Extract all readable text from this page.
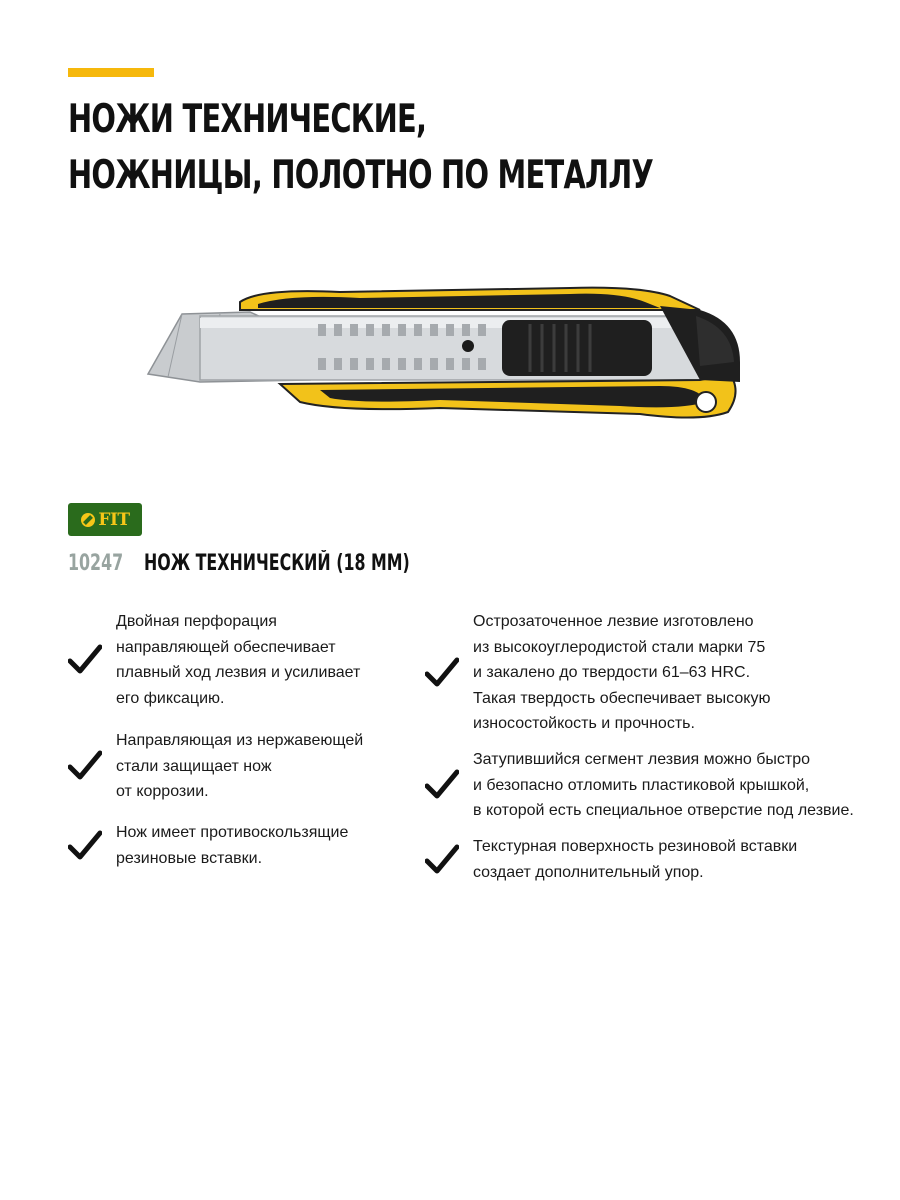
НОЖИ ТЕХНИЧЕСКИЕ,
НОЖНИЦЫ, ПОЛОТНО ПО МЕТАЛЛУ
FIT
10247 НОЖ ТЕХНИЧЕСКИЙ (18 ММ)
Двойная перфорация
направляющей обеспечивает
плавный ход лезвия и усиливает
его фиксацию.
Направляющая из нержавеющей
стали защищает нож
от коррозии.
Нож имеет противоскользящие
резиновые вставки.
Острозаточенное лезвие изготовлено
из высокоуглеродистой стали марки 75
и закалено до твердости 61–63 HRC.
Такая твердость обеспечивает высокую
износостойкость и прочность.
Затупившийся сегмент лезвия можно быстро
и безопасно отломить пластиковой крышкой,
в которой есть специальное отверстие под лезвие.
Текстурная поверхность резиновой вставки
создает дополнительный упор.
